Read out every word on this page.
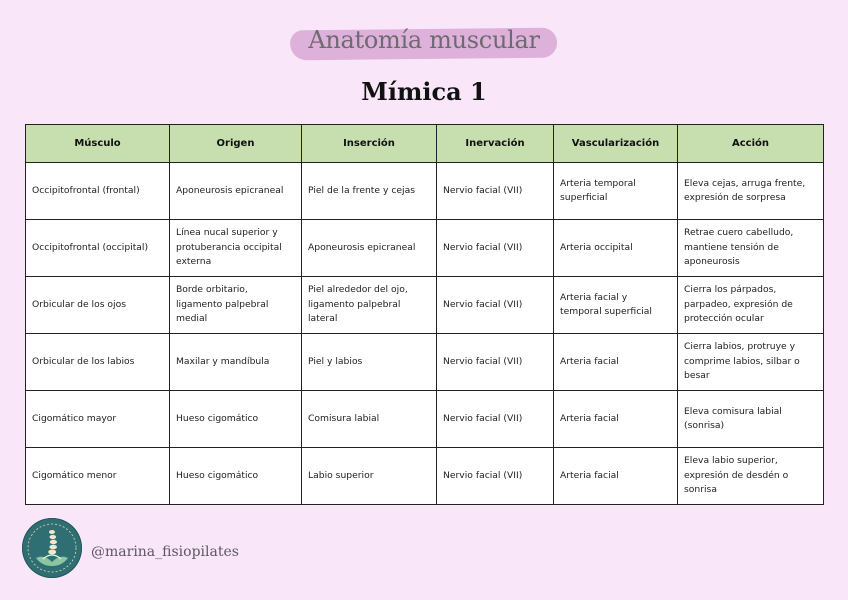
Anatomía muscular
Mímica 1
Músculo	Origen	Inserción	Inervación	Vascularización	Acción
Occipitofrontal (frontal)	Aponeurosis epicraneal	Piel de la frente y cejas	Nervio facial (VII)	Arteria temporal superficial	Eleva cejas, arruga frente, expresión de sorpresa
Occipitofrontal (occipital)	Línea nucal superior y protuberancia occipital externa	Aponeurosis epicraneal	Nervio facial (VII)	Arteria occipital	Retrae cuero cabelludo, mantiene tensión de aponeurosis
Orbicular de los ojos	Borde orbitario, ligamento palpebral medial	Piel alrededor del ojo, ligamento palpebral lateral	Nervio facial (VII)	Arteria facial y temporal superficial	Cierra los párpados, parpadeo, expresión de protección ocular
Orbicular de los labios	Maxilar y mandíbula	Piel y labios	Nervio facial (VII)	Arteria facial	Cierra labios, protruye y comprime labios, silbar o besar
Cigomático mayor	Hueso cigomático	Comisura labial	Nervio facial (VII)	Arteria facial	Eleva comisura labial (sonrisa)
Cigomático menor	Hueso cigomático	Labio superior	Nervio facial (VII)	Arteria facial	Eleva labio superior, expresión de desdén o sonrisa
@marina_fisiopilates
